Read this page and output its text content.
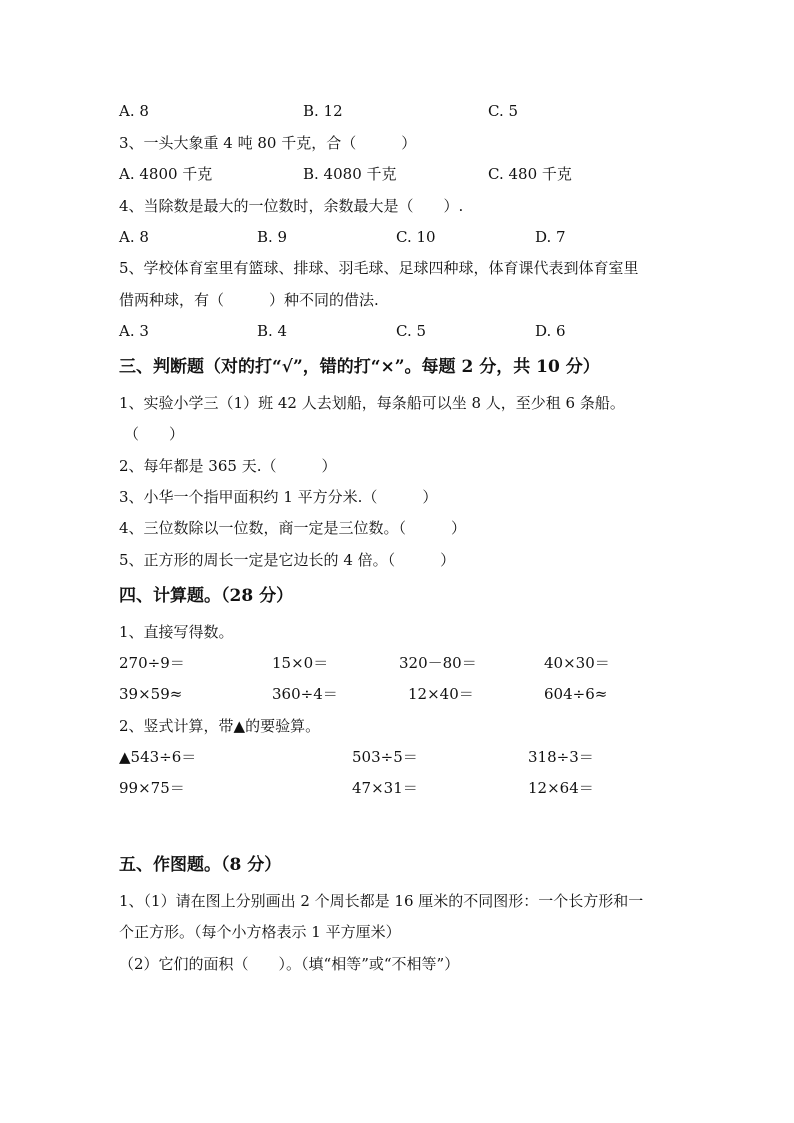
A. 8	B. 12	C. 5
3、一头大象重 4 吨 80 千克，合（　　　）
A. 4800 千克	B. 4080 千克	C. 480 千克
4、当除数是最大的一位数时，余数最大是（　　）.
A. 8	B. 9	C. 10	D. 7
5、学校体育室里有篮球、排球、羽毛球、足球四种球，体育课代表到体育室里
借两种球，有（　　　）种不同的借法.
A. 3	B. 4	C. 5	D. 6
三、判断题（对的打“√”，错的打“×”。每题 2 分，共 10 分）
1、实验小学三（1）班 42 人去划船，每条船可以坐 8 人，至少租 6 条船。
（　　）
2、每年都是 365 天.（　　　）
3、小华一个指甲面积约 1 平方分米.（　　　）
4、三位数除以一位数，商一定是三位数。（　　　）
5、正方形的周长一定是它边长的 4 倍。（　　　）
四、计算题。（28 分）
1、直接写得数。
270÷9＝	15×0＝	320－80＝	40×30＝
39×59≈	360÷4＝	12×40＝	604÷6≈
2、竖式计算，带▲的要验算。
▲543÷6＝	503÷5＝	318÷3＝
99×75＝	47×31＝	12×64＝
五、作图题。（8 分）
1、（1）请在图上分别画出 2 个周长都是 16 厘米的不同图形：一个长方形和一
个正方形。（每个小方格表示 1 平方厘米）
（2）它们的面积（　　）。（填“相等”或“不相等”）
